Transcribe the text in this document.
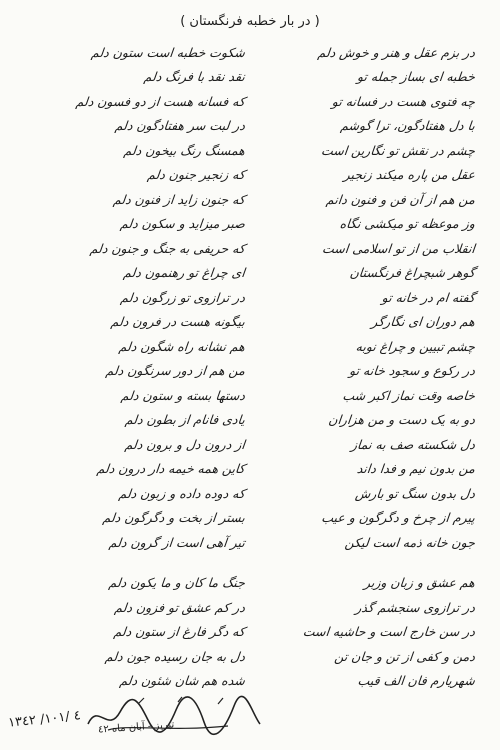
( در بار خطبه فرنگستان )
در بزم عقل و هنر و خوش دلم
شکوت خطبه است ستون دلم
خطبه ای بساز جمله تو
نقد نقد با فرنگ دلم
چه فتوی هست در فسانه تو
که فسانه هست از دو فسون دلم
با دل هفتادگون، ترا گوشم
در لبت سر هفتادگون دلم
چشم در نقش تو نگارین است
همسنگ رنگ بیخون دلم
عقل من پاره میکند زنجیر
که زنجیر جنون دلم
من هم از آن فن و فنون دانم
که جنون زاید از فنون دلم
وز موعظه تو میکشی نگاه
صبر میزاید و سکون دلم
انقلاب من از تو اسلامی است
که حریفی به جنگ و جنون دلم
گوهر شبچراغ فرنگستان
ای چراغ تو رهنمون دلم
گفته ام در خانه تو
در ترازوی تو زرگون دلم
هم دوران ای نگارگر
بیگونه هست در فرون دلم
چشم تبیین و چراغ نوبه
هم نشانه راه شگون دلم
در رکوع و سجود خانه تو
من هم از دور سرنگون دلم
خاصه وقت نماز اکبر شب
دستها بسته و ستون دلم
دو به یک دست و من هزاران
یادی فانام از بطون دلم
دل شکسته صف به نماز
از درون دل و برون دلم
من بدون نیم و فدا داند
کاین همه خیمه دار درون دلم
دل بدون سنگ تو بارش
که دوده داده و زبون دلم
پیرم از چرخ و دگرگون و عیب
بستر از بخت و دگرگون دلم
جون خانه ذمه است لیکن
تیر آهی است از گرون دلم
هم عشق و زبان وزبر
جنگ ما کان و ما یکون دلم
در ترازوی سنجشم گذر
در کم عشق تو فزون دلم
در سن خارج است و حاشیه است
که دگر فارغ از ستون دلم
دمن و کفی از تن و جان تن
دل به جان رسیده جون دلم
شهریارم فان الف قیب
شده هم شان شئون دلم
٤ /١٠١/ ١٣٤٢
تبریز - آبان ماه ٤٢
